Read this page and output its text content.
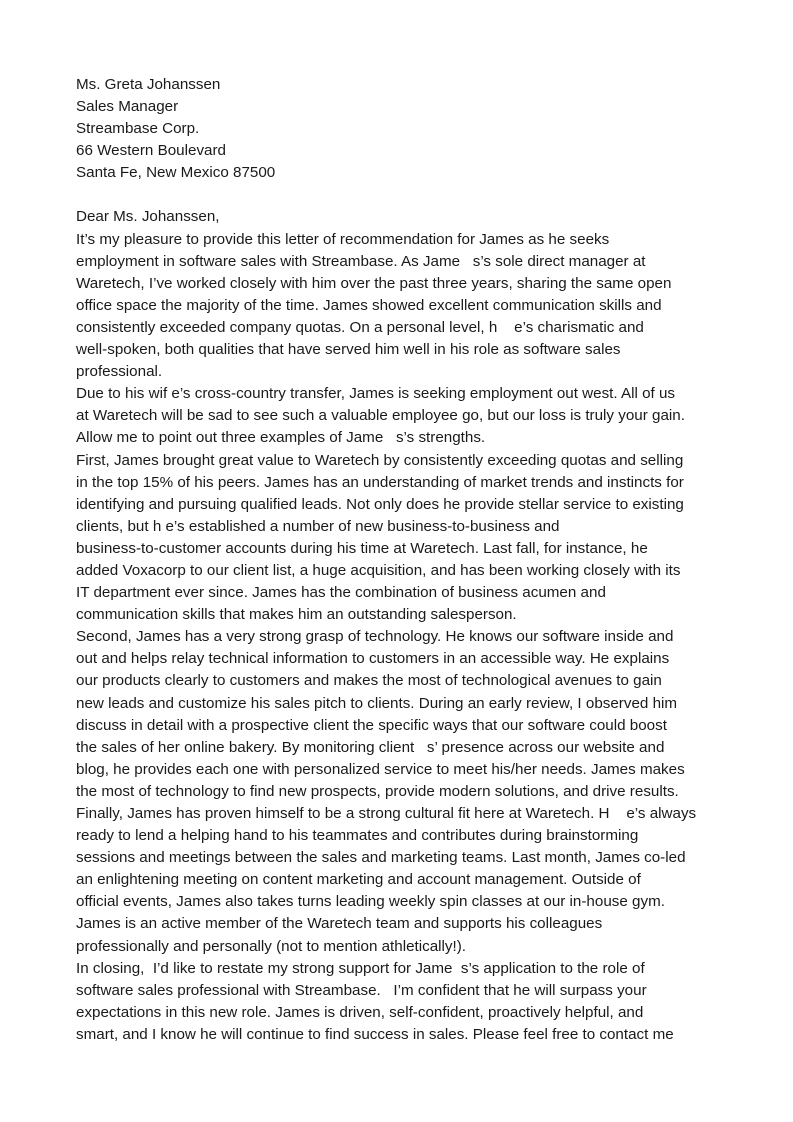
Ms. Greta Johanssen
Sales Manager
Streambase Corp.
66 Western Boulevard
Santa Fe, New Mexico 87500
Dear Ms. Johanssen,
It’s my pleasure to provide this letter of recommendation for James as he seeks
employment in software sales with Streambase. As Jame   s’s sole direct manager at
Waretech, I’ve worked closely with him over the past three years, sharing the same open
office space the majority of the time. James showed excellent communication skills and
consistently exceeded company quotas. On a personal level, h    e’s charismatic and
well-spoken, both qualities that have served him well in his role as software sales
professional.
Due to his wif e’s cross-country transfer, James is seeking employment out west. All of us
at Waretech will be sad to see such a valuable employee go, but our loss is truly your gain.
Allow me to point out three examples of Jame   s’s strengths.
First, James brought great value to Waretech by consistently exceeding quotas and selling
in the top 15% of his peers. James has an understanding of market trends and instincts for
identifying and pursuing qualified leads. Not only does he provide stellar service to existing
clients, but h e’s established a number of new business-to-business and
business-to-customer accounts during his time at Waretech. Last fall, for instance, he
added Voxacorp to our client list, a huge acquisition, and has been working closely with its
IT department ever since. James has the combination of business acumen and
communication skills that makes him an outstanding salesperson.
Second, James has a very strong grasp of technology. He knows our software inside and
out and helps relay technical information to customers in an accessible way. He explains
our products clearly to customers and makes the most of technological avenues to gain
new leads and customize his sales pitch to clients. During an early review, I observed him
discuss in detail with a prospective client the specific ways that our software could boost
the sales of her online bakery. By monitoring client   s’ presence across our website and
blog, he provides each one with personalized service to meet his/her needs. James makes
the most of technology to find new prospects, provide modern solutions, and drive results.
Finally, James has proven himself to be a strong cultural fit here at Waretech. H    e’s always
ready to lend a helping hand to his teammates and contributes during brainstorming
sessions and meetings between the sales and marketing teams. Last month, James co-led
an enlightening meeting on content marketing and account management. Outside of
official events, James also takes turns leading weekly spin classes at our in-house gym.
James is an active member of the Waretech team and supports his colleagues
professionally and personally (not to mention athletically!).
In closing,  I’d like to restate my strong support for Jame  s’s application to the role of
software sales professional with Streambase.   I’m confident that he will surpass your
expectations in this new role. James is driven, self-confident, proactively helpful, and
smart, and I know he will continue to find success in sales. Please feel free to contact me
